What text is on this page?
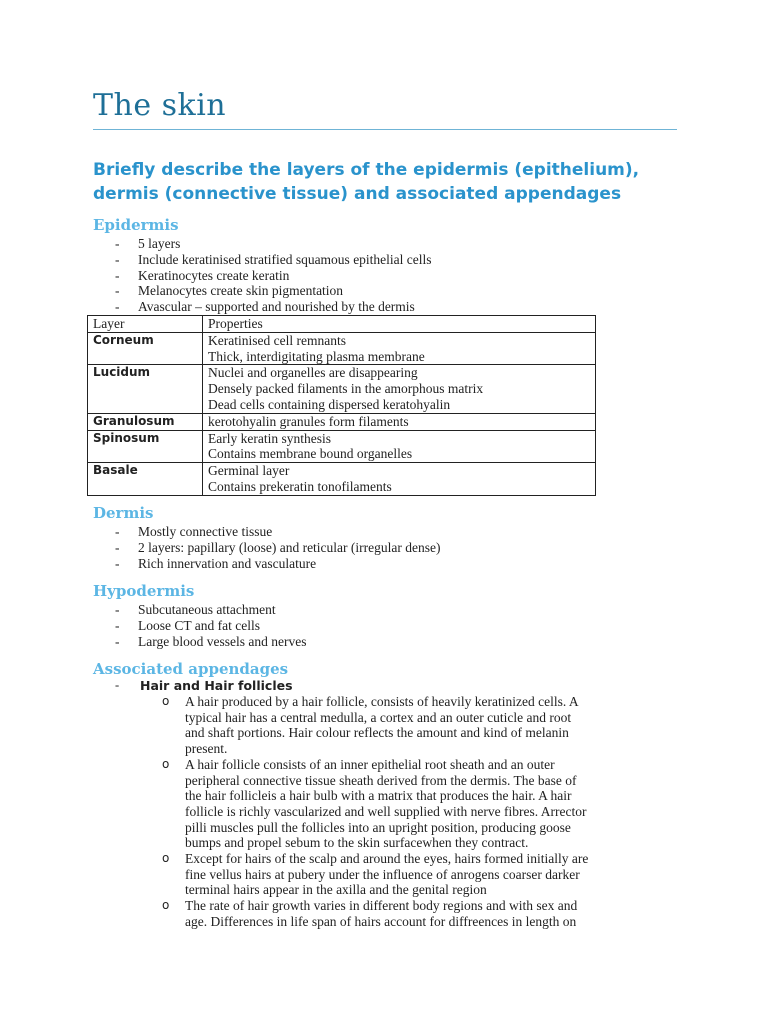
The skin
Briefly describe the layers of the epidermis (epithelium), dermis (connective tissue) and associated appendages
Epidermis
- 5 layers
- Include keratinised stratified squamous epithelial cells
- Keratinocytes create keratin
- Melanocytes create skin pigmentation
- Avascular – supported and nourished by the dermis
Layer	Properties
Corneum	Keratinised cell remnants
Thick, interdigitating plasma membrane

Lucidum	Nuclei and organelles are disappearing
Densely packed filaments in the amorphous matrix
Dead cells containing dispersed keratohyalin

Granulosum	kerotohyalin granules form filaments

Spinosum	Early keratin synthesis
Contains membrane bound organelles

Basale	Germinal layer
Contains prekeratin tonofilaments
Dermis
- Mostly connective tissue
- 2 layers: papillary (loose) and reticular (irregular dense)
- Rich innervation and vasculature
Hypodermis
- Subcutaneous attachment
- Loose CT and fat cells
- Large blood vessels and nerves
Associated appendages
- Hair and Hair follicles
o A hair produced by a hair follicle, consists of heavily keratinized cells. A
typical hair has a central medulla, a cortex and an outer cuticle and root
and shaft portions. Hair colour reflects the amount and kind of melanin
present.
o A hair follicle consists of an inner epithelial root sheath and an outer
peripheral connective tissue sheath derived from the dermis. The base of
the hair follicleis a hair bulb with a matrix that produces the hair. A hair
follicle is richly vascularized and well supplied with nerve fibres. Arrector
pilli muscles pull the follicles into an upright position, producing goose
bumps and propel sebum to the skin surfacewhen they contract.
o Except for hairs of the scalp and around the eyes, hairs formed initially are
fine vellus hairs at pubery under the influence of anrogens coarser darker
terminal hairs appear in the axilla and the genital region
o The rate of hair growth varies in different body regions and with sex and
age. Differences in life span of hairs account for diffreences in length on
